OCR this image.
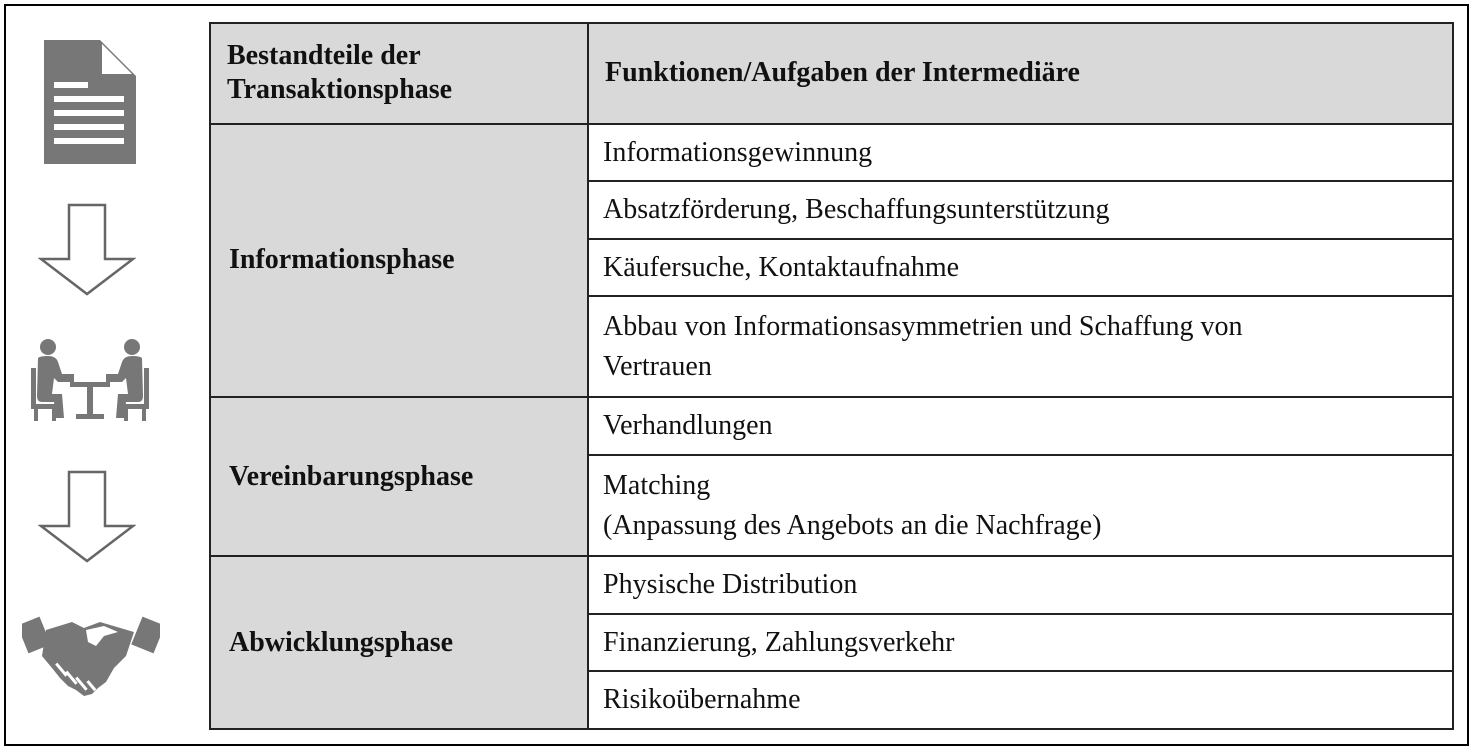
Bestandteile der
Transaktionsphase	Funktionen/Aufgaben der Intermediäre
Informationsphase	Informationsgewinnung
	Absatzförderung, Beschaffungsunterstützung
	Käufersuche, Kontaktaufnahme
	Abbau von Informationsasymmetrien und Schaffung von
Vertrauen
Vereinbarungsphase	Verhandlungen
	Matching
(Anpassung des Angebots an die Nachfrage)
Abwicklungsphase	Physische Distribution
	Finanzierung, Zahlungsverkehr
	Risikoübernahme
